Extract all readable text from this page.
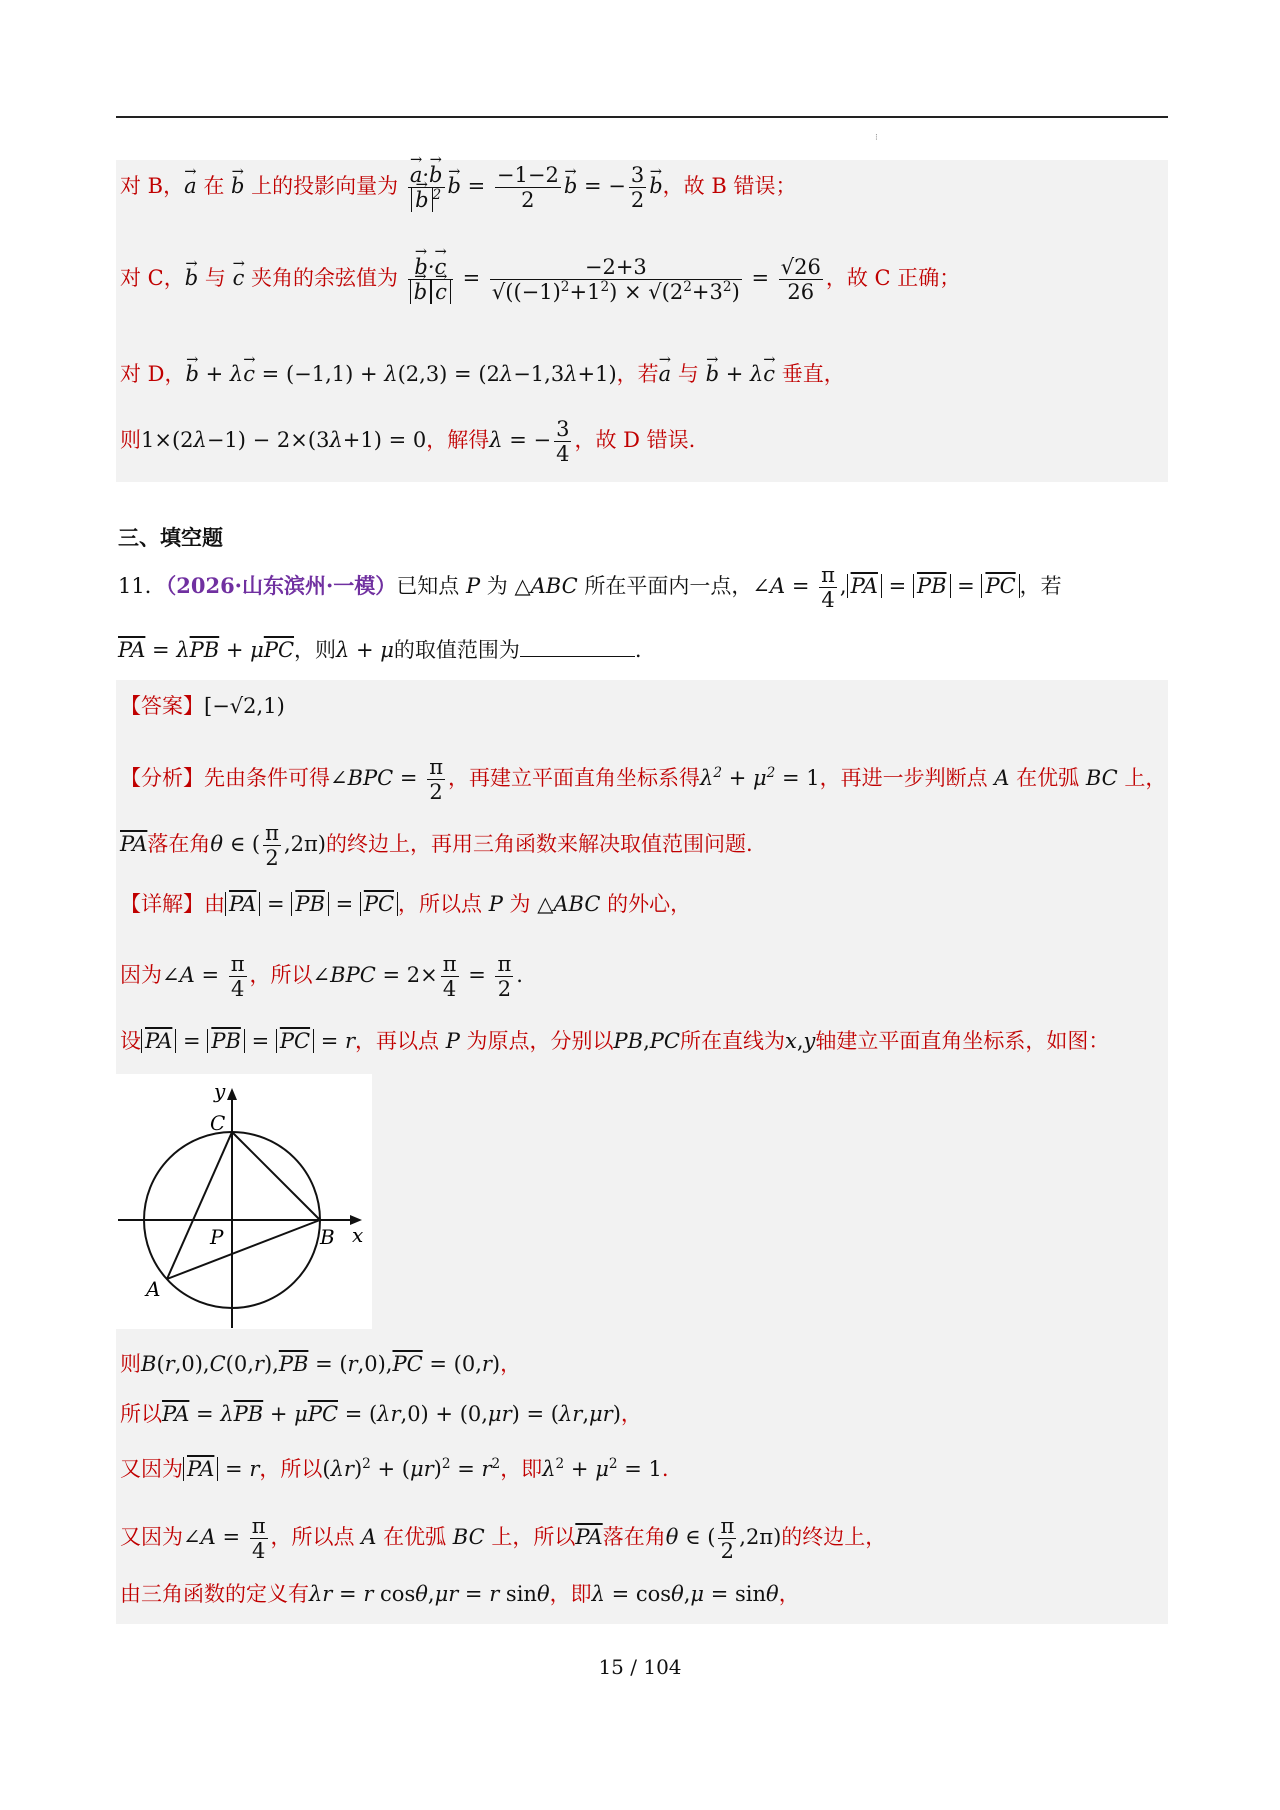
⁝
对 B，→ a 在 → b 上的投影向量为 → a·→ b
→ b $^2 \to b = \frac{-1-2}{2} \to b$ = − $\frac{3}{2} \to b$，故 B 错误；
对 C，→ b 与 → c 夹角的余弦值为 → b·→ c
→ $b \to c = \frac{-2+3}{√((-1)^2+1^2) \times √(2^2+3^2)} = \frac{√26}{26}$ ，故 C 正确；
对 D，→ b + λ→ c = (−1,1) + λ(2,3) = (2λ−1,3λ+1)，若→ a 与 → b + λ→ c 垂直，
则1×(2λ−1) − 2×(3λ+1) = 0，解得λ = − $\frac{3}{4}$ ，故 D 错误.
三、填空题
11．（2026·山东滨州·一模）已知点 P 为 △ABC 所在平面内一点，∠A = $\frac{\pi}{4}$ , $\overline{PA} = \overline{PB} = \overline{PC}$ ，若
$\overline{PA} = \lambda\overline{PB} + \mu\overline{PC}$，则λ + μ的取值范围为	.
【答案】[−√2,1)
【分析】先由条件可得∠BPC = $\frac{\pi}{2}$ ，再建立平面直角坐标系得$\lambda^2 + \mu^2 = 1$，再进一步判断点 A 在优弧 BC 上，
$\overline{PA}$落在角θ ∈ ( $\frac{\pi}{2} ,2\pi$)的终边上，再用三角函数来解决取值范围问题.
【详解】由 $\overline{PA} = \overline{PB} = \overline{PC}$ ，所以点 P 为 △ABC 的外心，
因为∠A = $\frac{\pi}{4}$ ，所以∠BPC = $2\times \frac{\pi}{4} = \frac{\pi}{2}$ .
设 $\overline{PA} = \overline{PB} = \overline{PC} = r$，再以点 P 为原点，分别以PB,PC所在直线为x,y轴建立平面直角坐标系，如图：
y
C
P	B x
A
则$B(r,0),C(0,r),\overline{PB} = (r,0),\overline{PC} = (0,r)$，
所以$\overline{PA} = \lambda\overline{PB} + \mu\overline{PC} = (\lambda r,0) + (0,\mu r) = (\lambda r,\mu r)$，
又因为 $\overline{PA} = r$，所以$(\lambda r)^2 + (\mu r)^2 = r^2$，即$\lambda^2 + \mu^2 = 1$.
又因为∠A = $\frac{\pi}{4}$ ，所以点 A 在优弧 BC 上，所以$\overline{PA}$落在角θ ∈ ( $\frac{\pi}{2} ,2\pi$)的终边上，
由三角函数的定义有λr = r cosθ,μr = r sinθ，即λ = cosθ,μ = sinθ，
15 / 104
